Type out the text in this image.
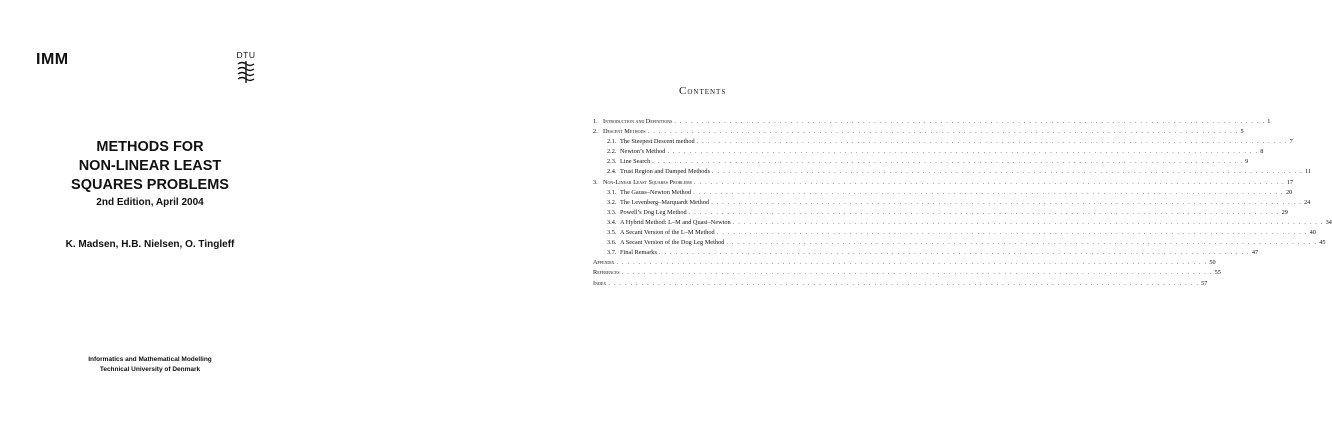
IMM	DTU
METHODS FOR
NON-LINEAR LEAST
SQUARES PROBLEMS
2nd Edition, April 2004
K. Madsen, H.B. Nielsen, O. Tingleff
Informatics and Mathematical Modelling
Technical University of Denmark
Contents
1. Introduction and Definitions . . .	1
2. Descent Methods . . .	5
2.1. The Steepest Descent method . . .	7
2.2. Newton’s Method . . .	8
2.3. Line Search . . .	9
2.4. Trust Region and Damped Methods . . .	11
3. Non-Linear Least Squares Problems . . .	17
3.1. The Gauss–Newton Method . . .	20
3.2. The Levenberg–Marquardt Method . . .	24
3.3. Powell’s Dog Leg Method . . .	29
3.4. A Hybrid Method: L–M and Quasi–Newton . . .	34
3.5. A Secant Version of the L–M Method . . .	40
3.6. A Secant Version of the Dog Leg Method . . .	45
3.7. Final Remarks . . .	47
Appendix . . .	50
References . . .	55
Index . . .	57
